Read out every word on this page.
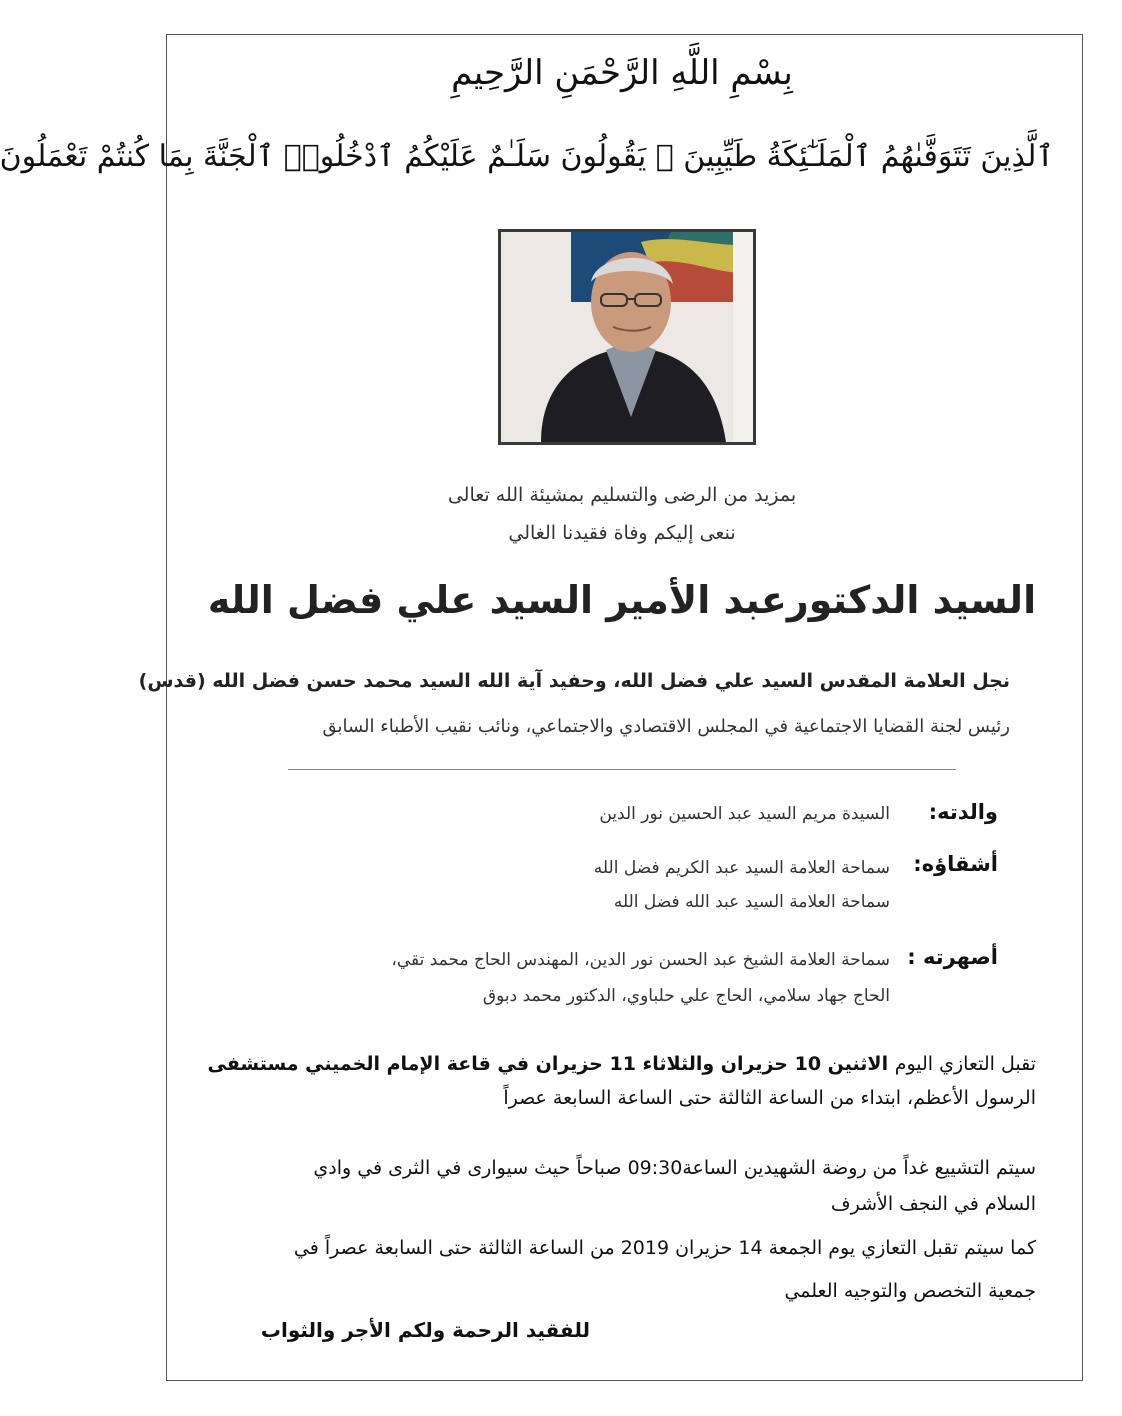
بِسْمِ اللَّهِ الرَّحْمَنِ الرَّحِيمِ
ٱلَّذِينَ تَتَوَفَّىٰهُمُ ٱلْمَلَـٰٓئِكَةُ طَيِّبِينَ ۙ يَقُولُونَ سَلَـٰمٌ عَلَيْكُمُ ٱدْخُلُوا۟ ٱلْجَنَّةَ بِمَا كُنتُمْ تَعْمَلُونَ
بمزيد من الرضى والتسليم بمشيئة الله تعالى
ننعى إليكم وفاة فقيدنا الغالي
السيد الدكتورعبد الأمير السيد علي فضل الله
نجل العلامة المقدس السيد علي فضل الله، وحفيد آية الله السيد محمد حسن فضل الله (قدس)
رئيس لجنة القضايا الاجتماعية في المجلس الاقتصادي والاجتماعي، ونائب نقيب الأطباء السابق
والدته:
السيدة مريم السيد عبد الحسين نور الدين
أشقاؤه:
سماحة العلامة السيد عبد الكريم فضل الله
سماحة العلامة السيد عبد الله فضل الله
أصهرته :
سماحة العلامة الشيخ عبد الحسن نور الدين، المهندس الحاج محمد تقي،
الحاج جهاد سلامي، الحاج علي حلباوي، الدكتور محمد دبوق
تقبل التعازي اليوم الاثنين 10 حزيران والثلاثاء 11 حزيران في قاعة الإمام الخميني مستشفى
الرسول الأعظم، ابتداء من الساعة الثالثة حتى الساعة السابعة عصراً
سيتم التشييع غداً من روضة الشهيدين الساعة09:30 صباحاً حيث سيوارى في الثرى في وادي
السلام في النجف الأشرف
كما سيتم تقبل التعازي يوم الجمعة 14 حزيران 2019 من الساعة الثالثة حتى السابعة عصراً في
جمعية التخصص والتوجيه العلمي
للفقيد الرحمة ولكم الأجر والثواب
